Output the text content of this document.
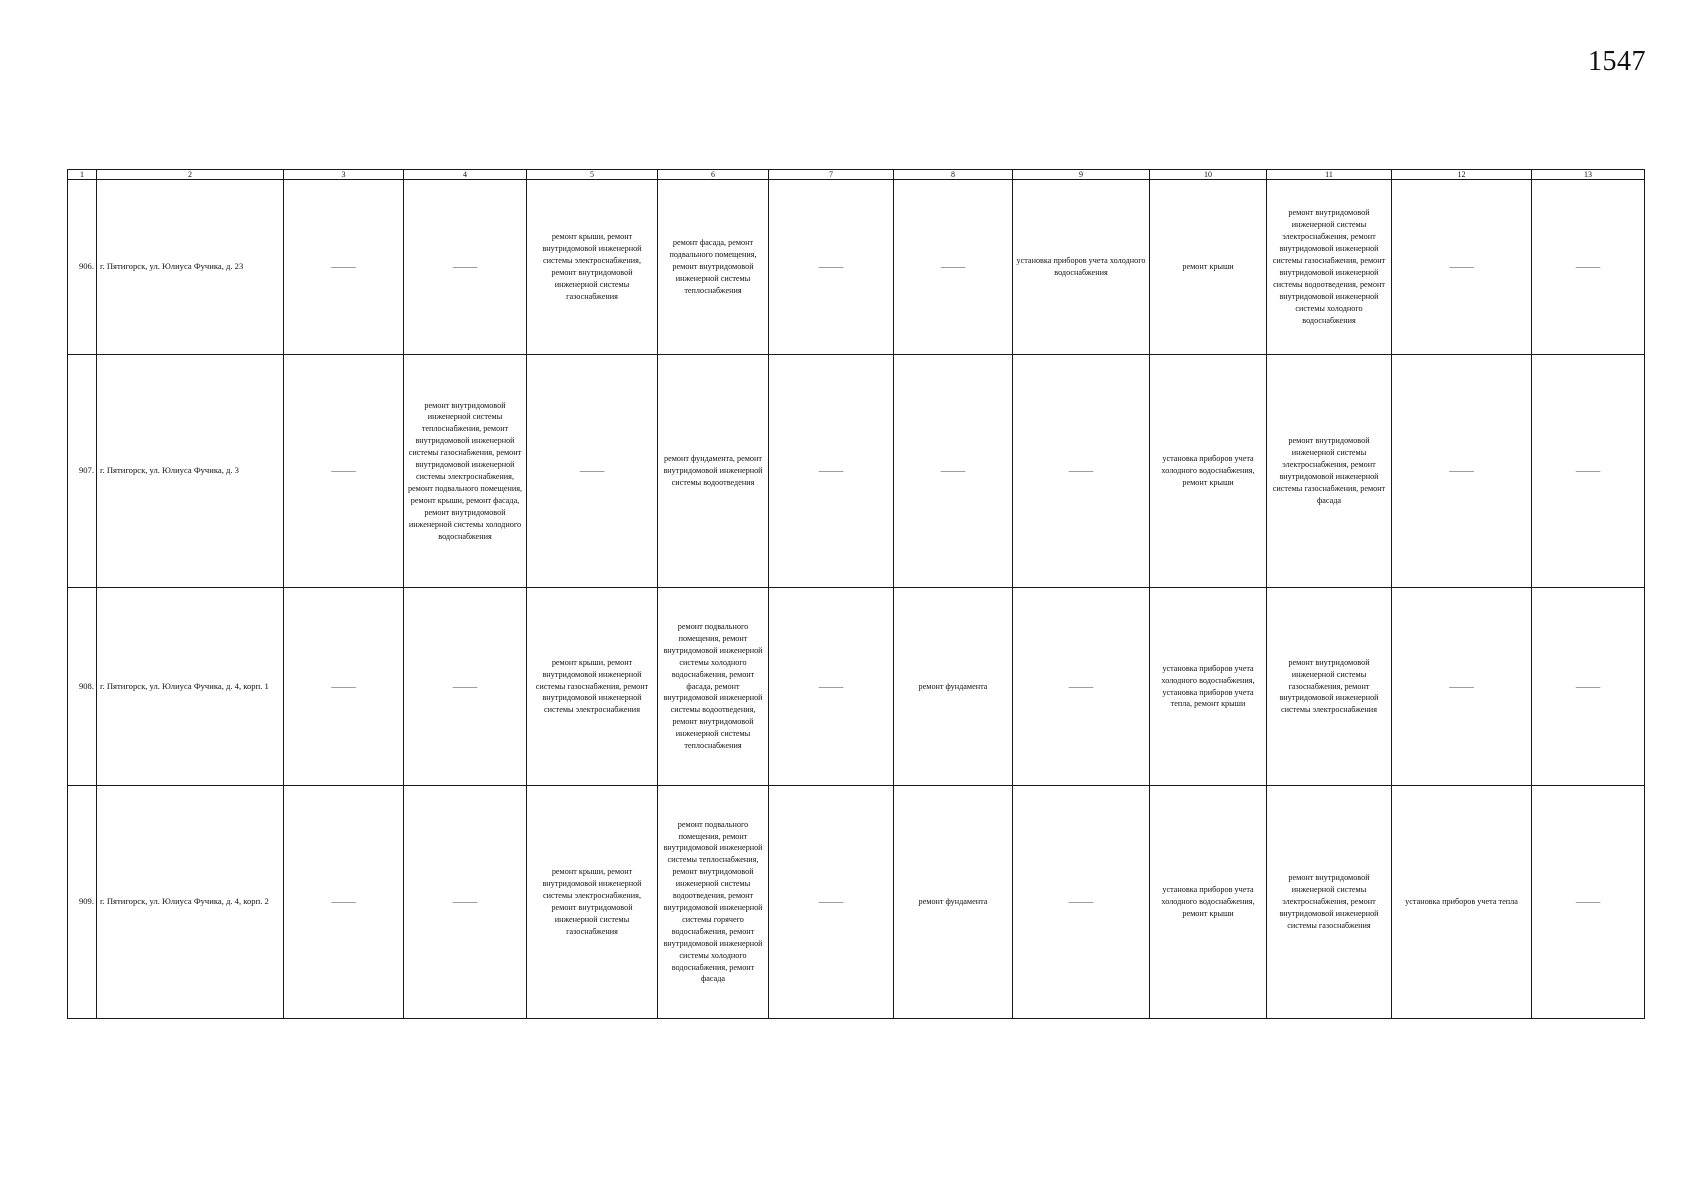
1547
1	2	3	4	5	6	7	8	9	10	11	12	13
906.	г. Пятигорск, ул. Юлиуса Фучика, д. 23	———	———	ремонт крыши, ремонт внутридомовой инженерной системы электроснабжения, ремонт внутридомовой инженерной системы газоснабжения	ремонт фасада, ремонт подвального помещения, ремонт внутридомовой инженерной системы теплоснабжения	———	———	установка приборов учета холодного водоснабжения	ремонт крыши	ремонт внутридомовой инженерной системы электроснабжения, ремонт внутридомовой инженерной системы газоснабжения, ремонт внутридомовой инженерной системы водоотведения, ремонт внутридомовой инженерной системы холодного водоснабжения	———	———
907.	г. Пятигорск, ул. Юлиуса Фучика, д. 3	———	ремонт внутридомовой инженерной системы теплоснабжения, ремонт внутридомовой инженерной системы газоснабжения, ремонт внутридомовой инженерной системы электроснабжения, ремонт подвального помещения, ремонт крыши, ремонт фасада, ремонт внутридомовой инженерной системы холодного водоснабжения	———	ремонт фундамента, ремонт внутридомовой инженерной системы водоотведения	———	———	———	установка приборов учета холодного водоснабжения, ремонт крыши	ремонт внутридомовой инженерной системы электроснабжения, ремонт внутридомовой инженерной системы газоснабжения, ремонт фасада	———	———
908.	г. Пятигорск, ул. Юлиуса Фучика, д. 4, корп. 1	———	———	ремонт крыши, ремонт внутридомовой инженерной системы газоснабжения, ремонт внутридомовой инженерной системы электроснабжения	ремонт подвального помещения, ремонт внутридомовой инженерной системы холодного водоснабжения, ремонт фасада, ремонт внутридомовой инженерной системы водоотведения, ремонт внутридомовой инженерной системы теплоснабжения	———	ремонт фундамента	———	установка приборов учета холодного водоснабжения, установка приборов учета тепла, ремонт крыши	ремонт внутридомовой инженерной системы газоснабжения, ремонт внутридомовой инженерной системы электроснабжения	———	———
909.	г. Пятигорск, ул. Юлиуса Фучика, д. 4, корп. 2	———	———	ремонт крыши, ремонт внутридомовой инженерной системы электроснабжения, ремонт внутридомовой инженерной системы газоснабжения	ремонт подвального помещения, ремонт внутридомовой инженерной системы теплоснабжения, ремонт внутридомовой инженерной системы водоотведения, ремонт внутридомовой инженерной системы горячего водоснабжения, ремонт внутридомовой инженерной системы холодного водоснабжения, ремонт фасада	———	ремонт фундамента	———	установка приборов учета холодного водоснабжения, ремонт крыши	ремонт внутридомовой инженерной системы электроснабжения, ремонт внутридомовой инженерной системы газоснабжения	установка приборов учета тепла	———
